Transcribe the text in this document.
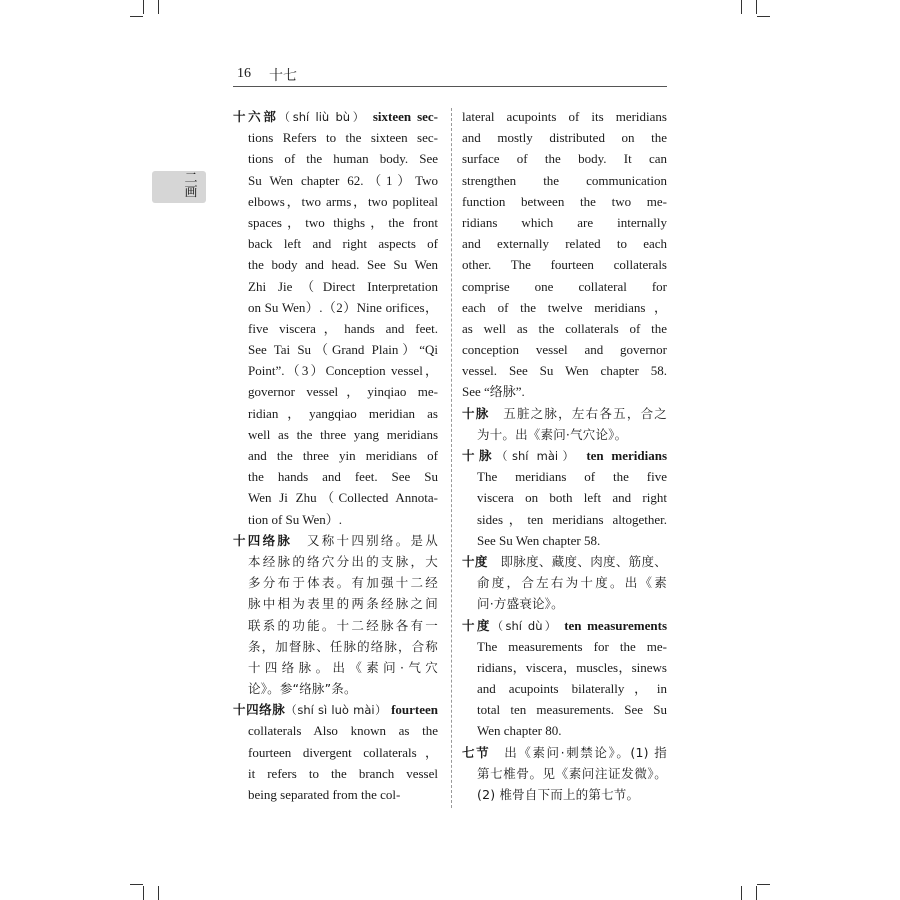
16 十七
二
画
十六部（shí liù bù） sixteen sec-
tions Refers to the sixteen sec-
tions of the human body. See
Su Wen chapter 62.（1）Two
elbows，two arms，two popliteal
spaces，two thighs，the front
back left and right aspects of
the body and head. See Su Wen
Zhi Jie（Direct Interpretation
on Su Wen）.（2）Nine orifices，
five viscera，hands and feet.
See Tai Su（Grand Plain）“Qi
Point”.（3）Conception vessel，
governor vessel，yinqiao me-
ridian，yangqiao meridian as
well as the three yang meridians
and the three yin meridians of
the hands and feet. See Su
Wen Ji Zhu（Collected Annota-
tion of Su Wen）.
十四络脉  又称十四别络。是从
本经脉的络穴分出的支脉，大
多分布于体表。有加强十二经
脉中相为表里的两条经脉之间
联系的功能。十二经脉各有一
条，加督脉、任脉的络脉，合称
十四络脉。出《素问·气穴
论》。参“络脉”条。
十四络脉（shí sì luò mài） fourteen
collaterals Also known as the
fourteen divergent collaterals，
it refers to the branch vessel
being separated from the col-
lateral acupoints of its meridians
and mostly distributed on the
surface of the body. It can
strengthen the communication
function between the two me-
ridians which are internally
and externally related to each
other. The fourteen collaterals
comprise one collateral for
each of the twelve meridians，
as well as the collaterals of the
conception vessel and governor
vessel. See Su Wen chapter 58.
See “络脉”.
十脉  五脏之脉，左右各五，合之
为十。出《素问·气穴论》。
十脉（shí mài） ten meridians
The meridians of the five
viscera on both left and right
sides，ten meridians altogether.
See Su Wen chapter 58.
十度  即脉度、藏度、肉度、筋度、
俞度，合左右为十度。出《素
问·方盛衰论》。
十度（shí dù） ten measurements
The measurements for the me-
ridians，viscera，muscles，sinews
and acupoints bilaterally，in
total ten measurements. See Su
Wen chapter 80.
七节  出《素问·刺禁论》。(1) 指
第七椎骨。见《素问注证发微》。
(2) 椎骨自下而上的第七节。
